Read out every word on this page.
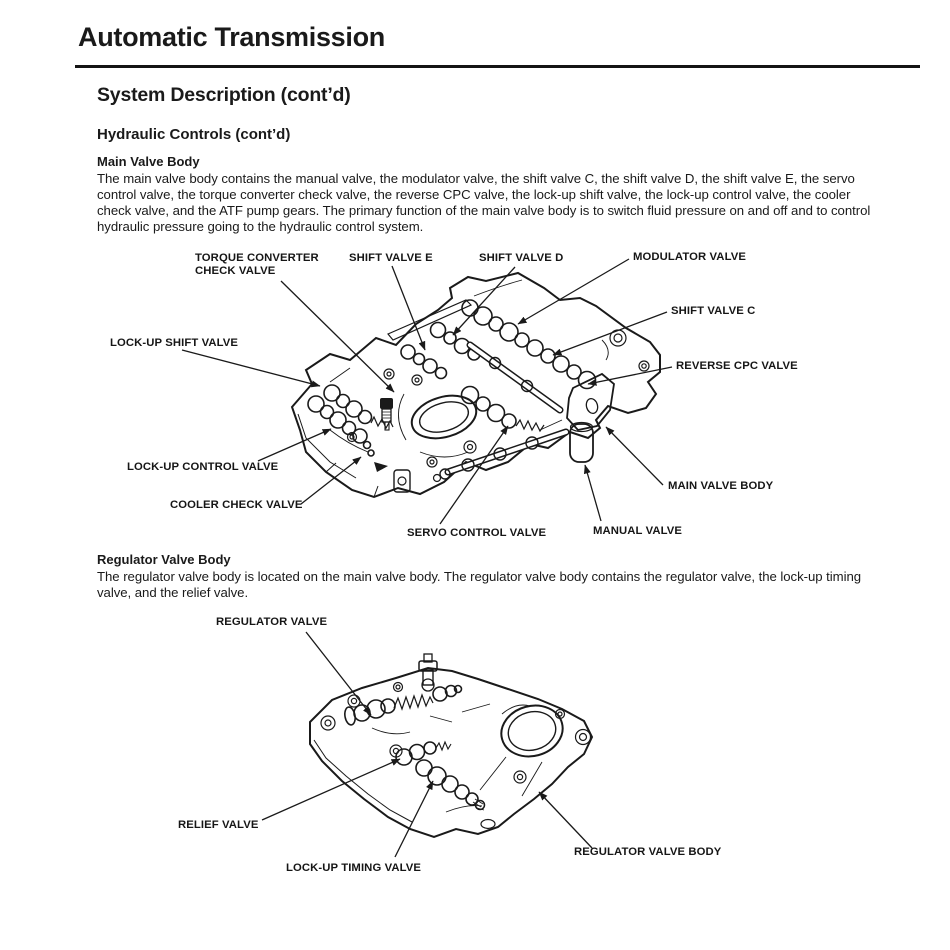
Automatic Transmission
System Description (cont’d)
Hydraulic Controls (cont’d)
Main Valve Body
The main valve body contains the manual valve, the modulator valve, the shift valve C, the shift valve D, the shift valve E, the servo control valve, the torque converter check valve, the reverse CPC valve, the lock-up shift valve, the lock-up control valve, the cooler check valve, and the ATF pump gears. The primary function of the main valve body is to switch fluid pressure on and off and to control hydraulic pressure going to the hydraulic control system.
TORQUE CONVERTER CHECK VALVE
SHIFT VALVE E	SHIFT VALVE D	MODULATOR VALVE
SHIFT VALVE C
REVERSE CPC VALVE
LOCK-UP SHIFT VALVE
LOCK-UP CONTROL VALVE
COOLER CHECK VALVE
SERVO CONTROL VALVE	MANUAL VALVE
MAIN VALVE BODY
Regulator Valve Body
The regulator valve body is located on the main valve body. The regulator valve body contains the regulator valve, the lock-up timing valve, and the relief valve.
REGULATOR VALVE
RELIEF VALVE
LOCK-UP TIMING VALVE
REGULATOR VALVE BODY
